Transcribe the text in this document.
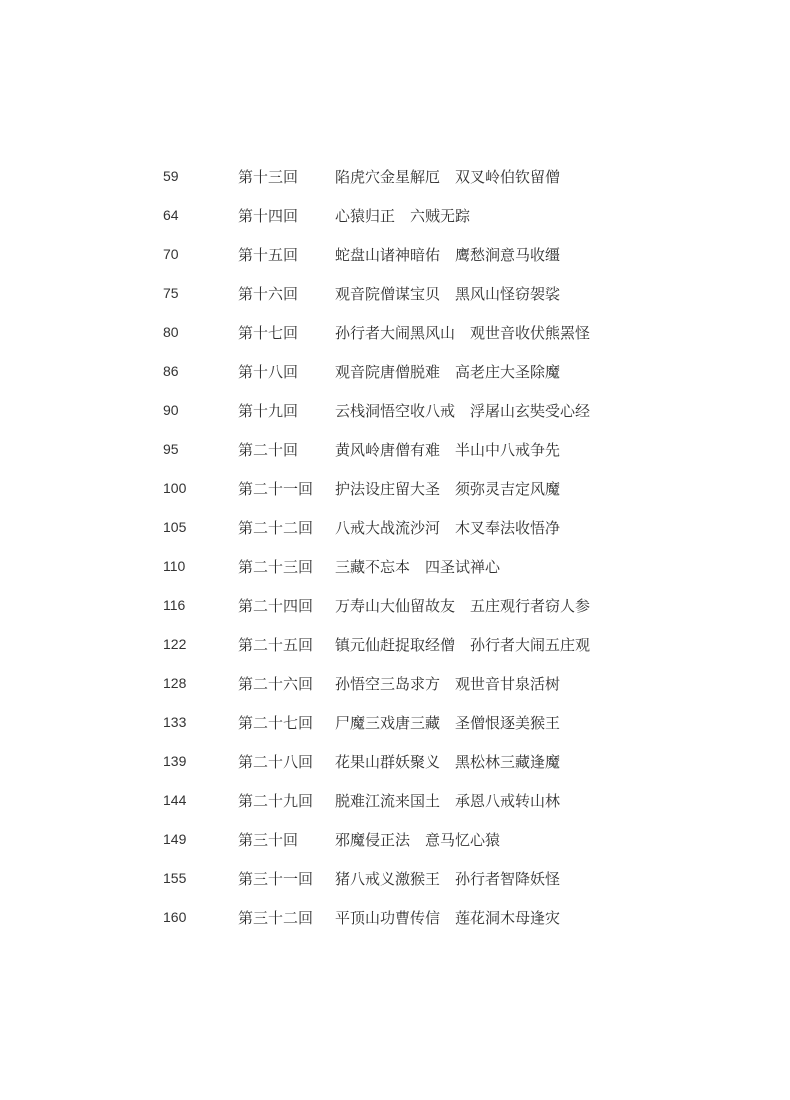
59	第十三回 陷虎穴金星解厄 双叉岭伯钦留僧
64	第十四回 心猿归正 六贼无踪
70	第十五回 蛇盘山诸神暗佑 鹰愁涧意马收缰
75	第十六回 观音院僧谋宝贝 黑风山怪窃袈裟
80	第十七回 孙行者大闹黑风山 观世音收伏熊罴怪
86	第十八回 观音院唐僧脱难 高老庄大圣除魔
90	第十九回 云栈洞悟空收八戒 浮屠山玄奘受心经
95	第二十回 黄风岭唐僧有难 半山中八戒争先
100	第二十一回 护法设庄留大圣 须弥灵吉定风魔
105	第二十二回 八戒大战流沙河 木叉奉法收悟净
110	第二十三回 三藏不忘本 四圣试禅心
116	第二十四回 万寿山大仙留故友 五庄观行者窃人参
122	第二十五回 镇元仙赶捉取经僧 孙行者大闹五庄观
128	第二十六回 孙悟空三岛求方 观世音甘泉活树
133	第二十七回 尸魔三戏唐三藏 圣僧恨逐美猴王
139	第二十八回 花果山群妖聚义 黑松林三藏逢魔
144	第二十九回 脱难江流来国土 承恩八戒转山林
149	第三十回 邪魔侵正法 意马忆心猿
155	第三十一回 猪八戒义激猴王 孙行者智降妖怪
160	第三十二回 平顶山功曹传信 莲花洞木母逢灾
